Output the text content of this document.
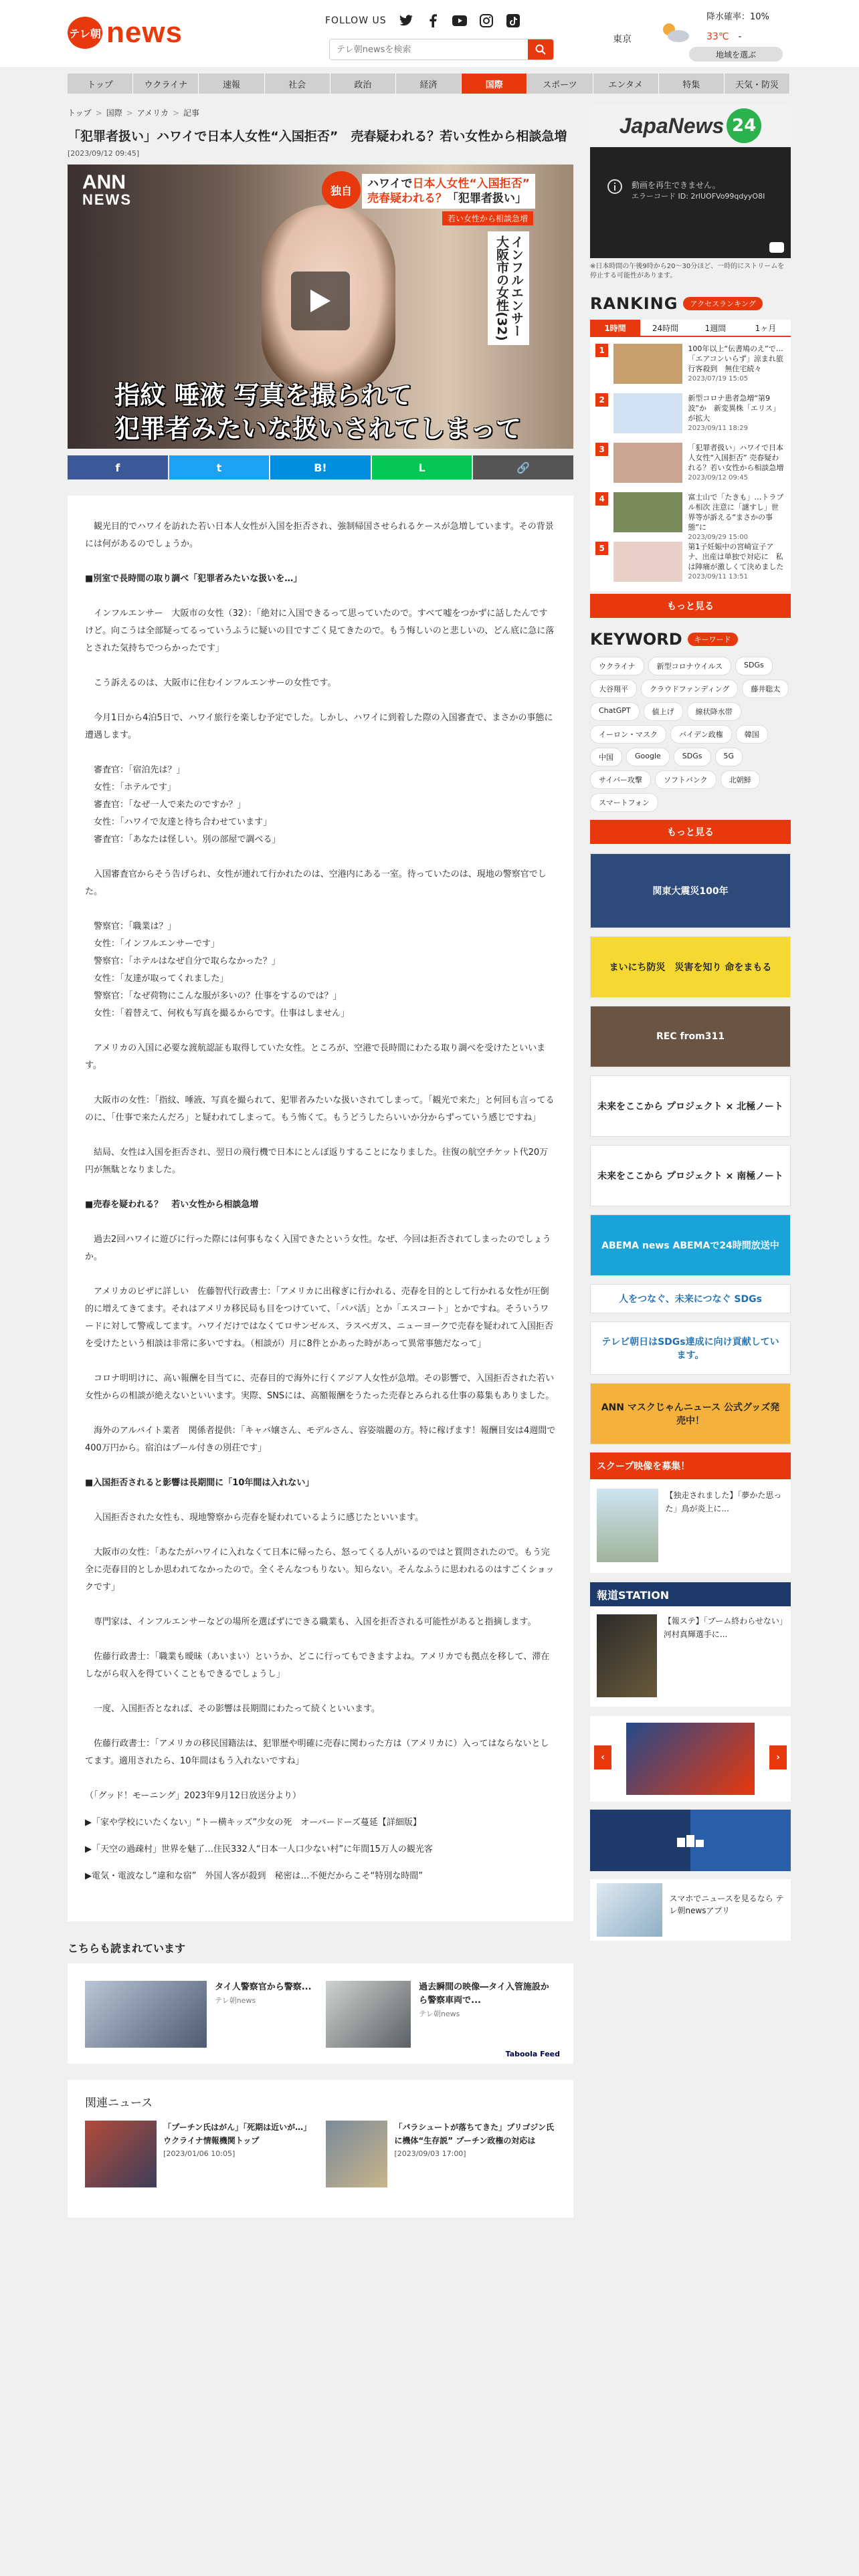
テレ朝 news	FOLLOW US
テレ朝newsを検索
東京
降水確率：10%
33℃　 -
地域を選ぶ
トップ	ウクライナ	速報	社会	政治	経済	国際	スポーツ	エンタメ	特集	天気・防災
トップ > 国際 > アメリカ > 記事
「犯罪者扱い」ハワイで日本人女性“入国拒否”　売春疑われる？若い女性から相談急増
[2023/09/12 09:45]
ANN
NEWS
独自	ハワイで日本人女性“入国拒否”
売春疑われる？「犯罪者扱い」
若い女性から相談急増
インフルエンサー 大阪市の女性(32)
指紋 唾液 写真を撮られて
犯罪者みたいな扱いされてしまって
f	t	B!	L	🔗

　観光目的でハワイを訪れた若い日本人女性が入国を拒否され、強制帰国させられるケースが急増しています。その背景には何があるのでしょうか。

■別室で長時間の取り調べ「犯罪者みたいな扱いを…」

　インフルエンサー　大阪市の女性（32）：「絶対に入国できるって思っていたので。すべて嘘をつかずに話したんですけど。向こうは全部疑ってるっていうふうに疑いの目ですごく見てきたので。もう悔しいのと悲しいの、どん底に急に落とされた気持ちでつらかったです」

　こう訴えるのは、大阪市に住むインフルエンサーの女性です。

　今月1日から4泊5日で、ハワイ旅行を楽しむ予定でした。しかし、ハワイに到着した際の入国審査で、まさかの事態に遭遇します。

　審査官：「宿泊先は？」
　女性：「ホテルです」
　審査官：「なぜ一人で来たのですか？」
　女性：「ハワイで友達と待ち合わせています」
　審査官：「あなたは怪しい。別の部屋で調べる」

　入国審査官からそう告げられ、女性が連れて行かれたのは、空港内にある一室。待っていたのは、現地の警察官でした。

　警察官：「職業は？」
　女性：「インフルエンサーです」
　警察官：「ホテルはなぜ自分で取らなかった？」
　女性：「友達が取ってくれました」
　警察官：「なぜ荷物にこんな服が多いの？仕事をするのでは？」
　女性：「着替えて、何枚も写真を撮るからです。仕事はしません」

　アメリカの入国に必要な渡航認証も取得していた女性。ところが、空港で長時間にわたる取り調べを受けたといいます。

　大阪市の女性：「指紋、唾液、写真を撮られて、犯罪者みたいな扱いされてしまって。「観光で来た」と何回も言ってるのに、「仕事で来たんだろ」と疑われてしまって。もう怖くて。もうどうしたらいいか分からずっていう感じですね」

　結局、女性は入国を拒否され、翌日の飛行機で日本にとんぼ返りすることになりました。往復の航空チケット代20万円が無駄となりました。

■売春を疑われる？　若い女性から相談急増

　過去2回ハワイに遊びに行った際には何事もなく入国できたという女性。なぜ、今回は拒否されてしまったのでしょうか。

　アメリカのビザに詳しい　佐藤智代行政書士：「アメリカに出稼ぎに行かれる、売春を目的として行かれる女性が圧倒的に増えてきてます。それはアメリカ移民局も目をつけていて、「パパ活」とか「エスコート」とかですね。そういうワードに対して警戒してます。ハワイだけではなくてロサンゼルス、ラスベガス、ニューヨークで売春を疑われて入国拒否を受けたという相談は非常に多いですね。（相談が）月に8件とかあった時があって異常事態だなって」

　コロナ明明けに、高い報酬を目当てに、売春目的で海外に行くアジア人女性が急増。その影響で、入国拒否された若い女性からの相談が絶えないといいます。実際、SNSには、高額報酬をうたった売春とみられる仕事の募集もありました。

　海外のアルバイト業者　関係者提供：「キャバ嬢さん、モデルさん、容姿端麗の方。特に稼げます！報酬目安は4週間で400万円から。宿泊はプール付きの別荘です」

■入国拒否されると影響は長期間に「10年間は入れない」

　入国拒否された女性も、現地警察から売春を疑われているように感じたといいます。

　大阪市の女性：「あなたがハワイに入れなくて日本に帰ったら、怒ってくる人がいるのではと質問されたので。もう完全に売春目的としか思われてなかったので。全くそんなつもりない。知らない。そんなふうに思われるのはすごくショックです」

　専門家は、インフルエンサーなどの場所を選ばずにできる職業も、入国を拒否される可能性があると指摘します。

　佐藤行政書士：「職業も曖昧（あいまい）というか、どこに行ってもできますよね。アメリカでも拠点を移して、滞在しながら収入を得ていくこともできるでしょうし」

　一度、入国拒否となれば、その影響は長期間にわたって続くといいます。

　佐藤行政書士：「アメリカの移民国籍法は、犯罪歴や明確に売春に関わった方は（アメリカに）入ってはならないとしてます。適用されたら、10年間はもう入れないですね」

（「グッド！モーニング」2023年9月12日放送分より）

▶「家や学校にいたくない」“トー横キッズ”少女の死　オーバードーズ蔓延【詳細版】

▶「天空の過疎村」世界を魅了…住民332人“日本一人口少ない村”に年間15万人の観光客

▶電気・電波なし“違和な宿”　外国人客が殺到　秘密は…不便だからこそ“特別な時間”

こちらも読まれています
タイ人警察官から警察...
テレ朝news
過去瞬間の映像―タイ入管施設から警察車両で...
テレ朝news
Taboola Feed
関連ニュース
「プーチン氏はがん」「死期は近いが…」ウクライナ情報機関トップ
[2023/01/06 10:05]
「パラシュートが落ちてきた」プリゴジン氏に機体“生存説” プーチン政権の対応は
[2023/09/03 17:00]
JapaNews 24
動画を再生できません。
エラーコード ID: 2rlUOFVo99qdyyO8I
※日本時間の午後9時から20～30分ほど、一時的にストリームを停止する可能性があります。
RANKING	アクセスランキング
1時間	24時間	1週間	1ヶ月
1	100年以上“伝書鳩のえ”で…「エアコンいらず」涼まれ旅行客殺到　無住宅続々
2023/07/19 15:05
2	新型コロナ患者急増“第9波”か　新変異株「エリス」が拡大
2023/09/11 18:29
3	「犯罪者扱い」ハワイで日本人女性“入国拒否” 売春疑われる？若い女性から相談急増
2023/09/12 09:45
4	富士山で「たきも」…トラブル相次 注意に「謎すし」世界等が訴える“まさかの事態”に
2023/09/29 15:00
5	第1子妊娠中の宮崎宣子アナ、出産は単独で対応に　私は陣痛が激しくて決めました
2023/09/11 13:51
もっと見る
KEYWORD	キーワード
ウクライナ	新型コロナウイルス	SDGs
大谷翔平	クラウドファンディング	藤井聡太
ChatGPT	値上げ	線状降水帯
イーロン・マスク	バイデン政権	韓国
中国	Google	SDGs	5G
サイバー攻撃	ソフトバンク	北朝鮮
スマートフォン
もっと見る
関東大震災100年
まいにち防災　災害を知り 命をまもる
REC from311
未来をここから プロジェクト × 北極ノート
未来をここから プロジェクト × 南極ノート
ABEMA news ABEMAで24時間放送中
人をつなぐ、未来につなぐ SDGs
テレビ朝日はSDGs達成に向け貢献しています。
ANN マスクじゃんニュース 公式グッズ発売中！
スクープ映像を募集！
【独走されました】「夢かた思った」鳥が炎上に...
報道STATION
【報ステ】「ブーム終わらせない」河村真輝選手に...
‹	›
スマホでニュースを見るなら テレ朝newsアプリ
